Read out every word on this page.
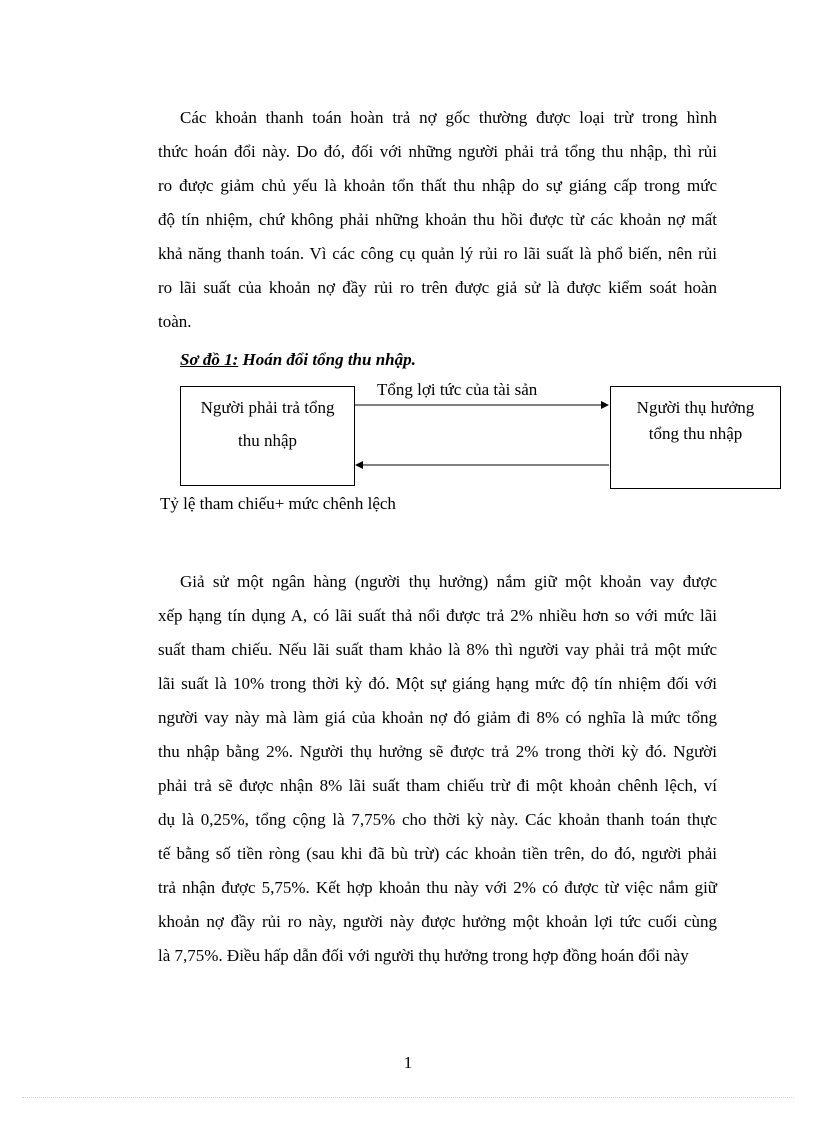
Các khoản thanh toán hoàn trả nợ gốc thường được loại trừ trong hình
thức hoán đổi này. Do đó, đối với những người phải trả tổng thu nhập, thì rủi
ro được giảm chủ yếu là khoản tổn thất thu nhập do sự giáng cấp trong mức
độ tín nhiệm, chứ không phải những khoản thu hồi được từ các khoản nợ mất
khả năng thanh toán. Vì các công cụ quản lý rủi ro lãi suất là phổ biến, nên rủi
ro lãi suất của khoản nợ đầy rủi ro trên được giả sử là được kiểm soát hoàn
toàn.

Sơ đồ 1: Hoán đổi tổng thu nhập.

Người phải trả tổng
thu nhập
Người thụ hưởng
tổng thu nhập

Tổng lợi tức của tài sản

Tỷ lệ tham chiếu+ mức chênh lệch

Giả sử một ngân hàng (người thụ hưởng) nắm giữ một khoản vay được
xếp hạng tín dụng A, có lãi suất thả nổi được trả 2% nhiều hơn so với mức lãi
suất tham chiếu. Nếu lãi suất tham khảo là 8% thì người vay phải trả một mức
lãi suất là 10% trong thời kỳ đó. Một sự giáng hạng mức độ tín nhiệm đối với
người vay này mà làm giá của khoản nợ đó giảm đi 8% có nghĩa là mức tổng
thu nhập bằng 2%. Người thụ hưởng sẽ được trả 2% trong thời kỳ đó. Người
phải trả sẽ được nhận 8% lãi suất tham chiếu trừ đi một khoản chênh lệch, ví
dụ là 0,25%, tổng cộng là 7,75% cho thời kỳ này. Các khoản thanh toán thực
tế bằng số tiền ròng (sau khi đã bù trừ) các khoản tiền trên, do đó, người phải
trả nhận được 5,75%. Kết hợp khoản thu này với 2% có được từ việc nắm giữ
khoản nợ đầy rủi ro này, người này được hưởng một khoản lợi tức cuối cùng
là 7,75%. Điều hấp dẫn đối với người thụ hưởng trong hợp đồng hoán đổi này

1
